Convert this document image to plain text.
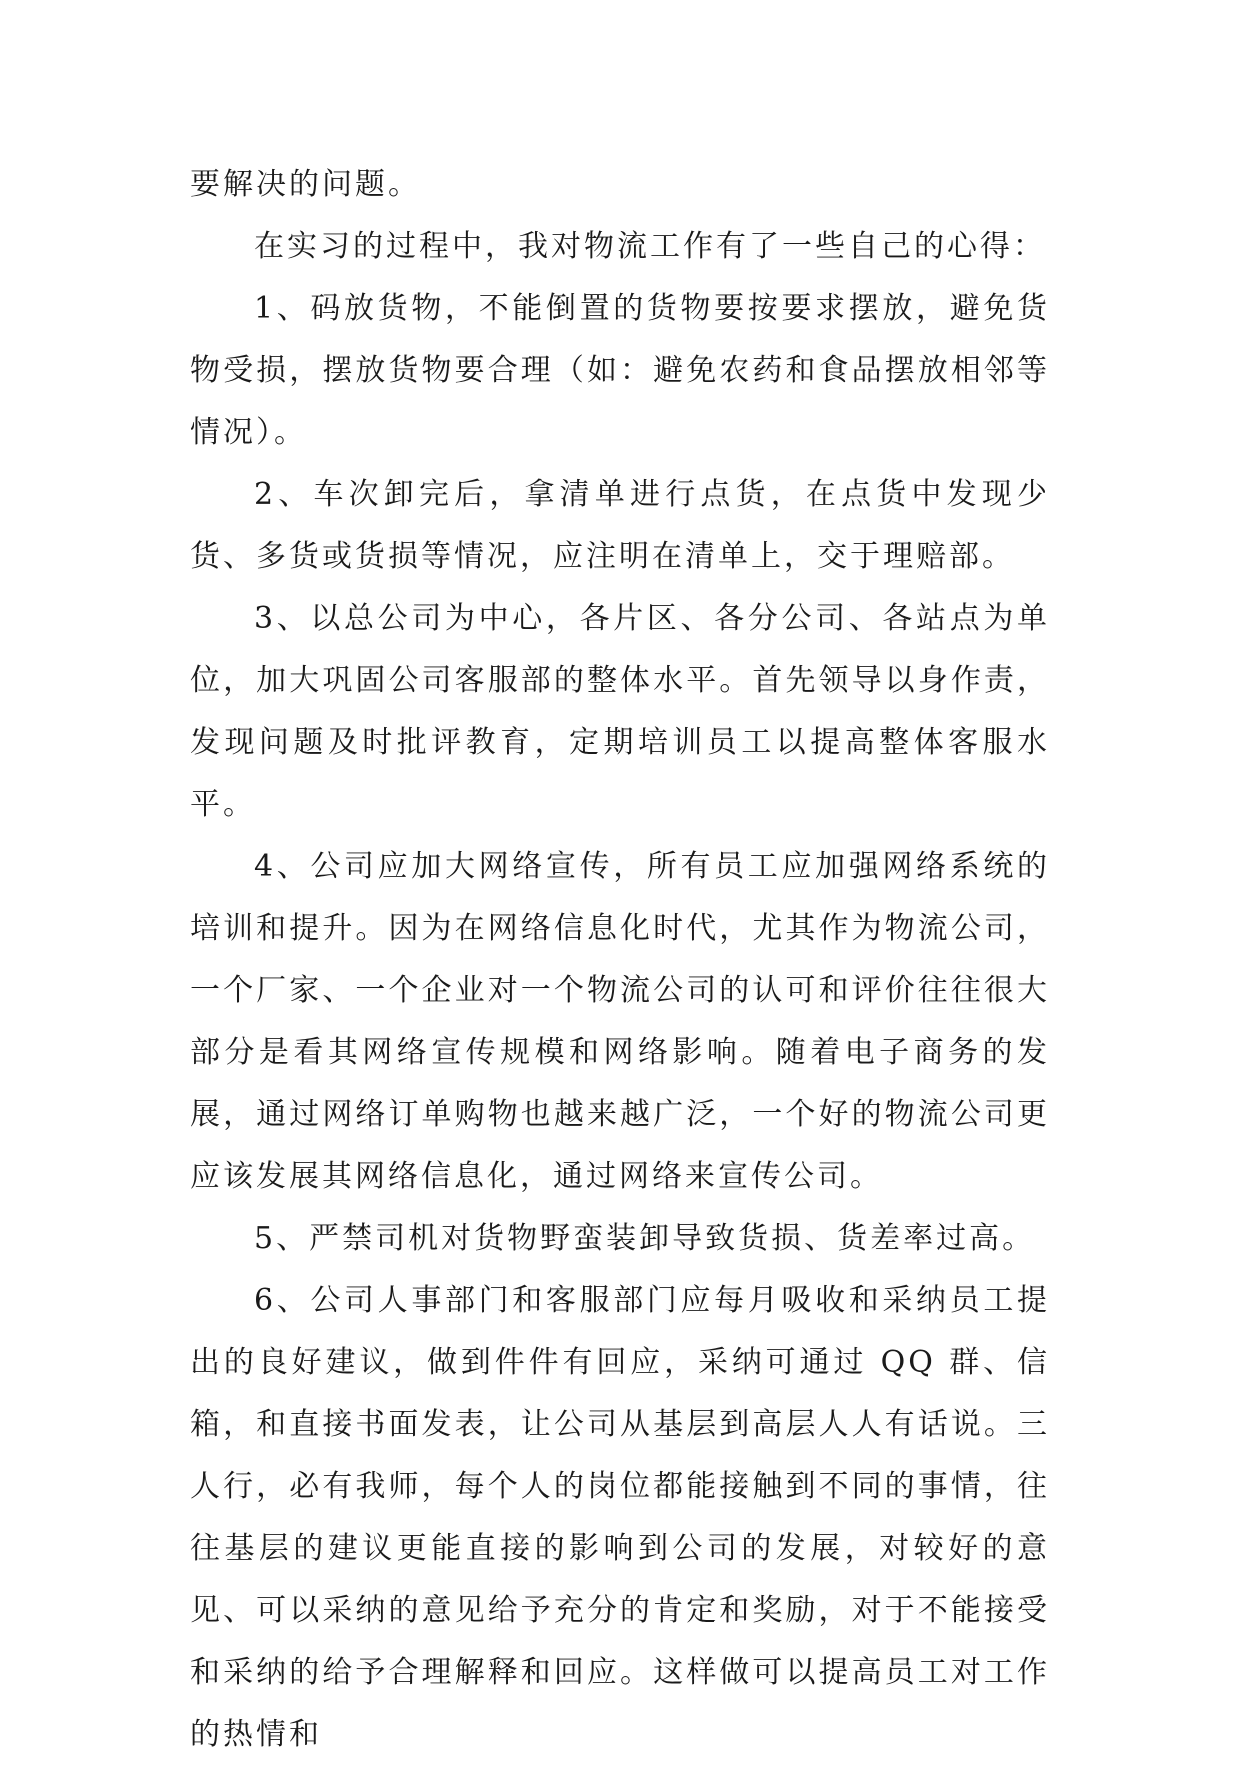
要解决的问题。

在实习的过程中，我对物流工作有了一些自己的心得：

1、码放货物，不能倒置的货物要按要求摆放，避免货物受损，摆放货物要合理（如：避免农药和食品摆放相邻等情况）。

2、车次卸完后，拿清单进行点货，在点货中发现少货、多货或货损等情况，应注明在清单上，交于理赔部。

3、以总公司为中心，各片区、各分公司、各站点为单位，加大巩固公司客服部的整体水平。首先领导以身作责，发现问题及时批评教育，定期培训员工以提高整体客服水平。

4、公司应加大网络宣传，所有员工应加强网络系统的培训和提升。因为在网络信息化时代，尤其作为物流公司，一个厂家、一个企业对一个物流公司的认可和评价往往很大部分是看其网络宣传规模和网络影响。随着电子商务的发展，通过网络订单购物也越来越广泛，一个好的物流公司更应该发展其网络信息化，通过网络来宣传公司。

5、严禁司机对货物野蛮装卸导致货损、货差率过高。

6、公司人事部门和客服部门应每月吸收和采纳员工提出的良好建议，做到件件有回应，采纳可通过 QQ 群、信箱，和直接书面发表，让公司从基层到高层人人有话说。三人行，必有我师，每个人的岗位都能接触到不同的事情，往往基层的建议更能直接的影响到公司的发展，对较好的意见、可以采纳的意见给予充分的肯定和奖励，对于不能接受和采纳的给予合理解释和回应。这样做可以提高员工对工作的热情和
